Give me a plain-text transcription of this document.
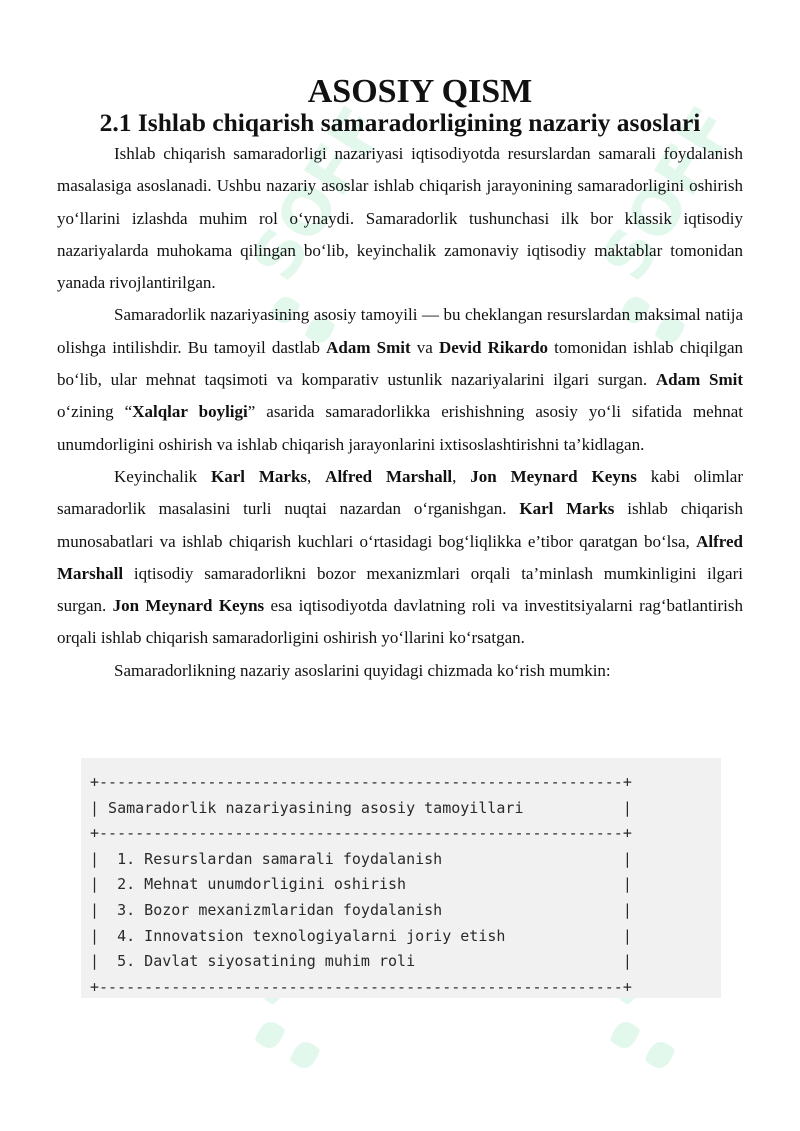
SOFF	SOFF
ASOSIY QISM
2.1 Ishlab chiqarish samaradorligining nazariy asoslari

Ishlab chiqarish samaradorligi nazariyasi iqtisodiyotda resurslardan samarali foydalanish masalasiga asoslanadi. Ushbu nazariy asoslar ishlab chiqarish jarayonining samaradorligini oshirish yo‘llarini izlashda muhim rol o‘ynaydi. Samaradorlik tushunchasi ilk bor klassik iqtisodiy nazariyalarda muhokama qilingan bo‘lib, keyinchalik zamonaviy iqtisodiy maktablar tomonidan yanada rivojlantirilgan.

Samaradorlik nazariyasining asosiy tamoyili — bu cheklangan resurslardan maksimal natija olishga intilishdir. Bu tamoyil dastlab Adam Smit va Devid Rikardo tomonidan ishlab chiqilgan bo‘lib, ular mehnat taqsimoti va komparativ ustunlik nazariyalarini ilgari surgan. Adam Smit o‘zining “Xalqlar boyligi” asarida samaradorlikka erishishning asosiy yo‘li sifatida mehnat unumdorligini oshirish va ishlab chiqarish jarayonlarini ixtisoslashtirishni ta’kidlagan.

Keyinchalik Karl Marks, Alfred Marshall, Jon Meynard Keyns kabi olimlar samaradorlik masalasini turli nuqtai nazardan o‘rganishgan. Karl Marks ishlab chiqarish munosabatlari va ishlab chiqarish kuchlari o‘rtasidagi bog‘liqlikka e’tibor qaratgan bo‘lsa, Alfred Marshall iqtisodiy samaradorlikni bozor mexanizmlari orqali ta’minlash mumkinligini ilgari surgan. Jon Meynard Keyns esa iqtisodiyotda davlatning roli va investitsiyalarni rag‘batlantirish orqali ishlab chiqarish samaradorligini oshirish yo‘llarini ko‘rsatgan.

Samaradorlikning nazariy asoslarini quyidagi chizmada ko‘rish mumkin:

+----------------------------------------------------------+
| Samaradorlik nazariyasining asosiy tamoyillari           |
+----------------------------------------------------------+
|  1. Resurslardan samarali foydalanish                    |
|  2. Mehnat unumdorligini oshirish                        |
|  3. Bozor mexanizmlaridan foydalanish                    |
|  4. Innovatsion texnologiyalarni joriy etish             |
|  5. Davlat siyosatining muhim roli                       |
+----------------------------------------------------------+
